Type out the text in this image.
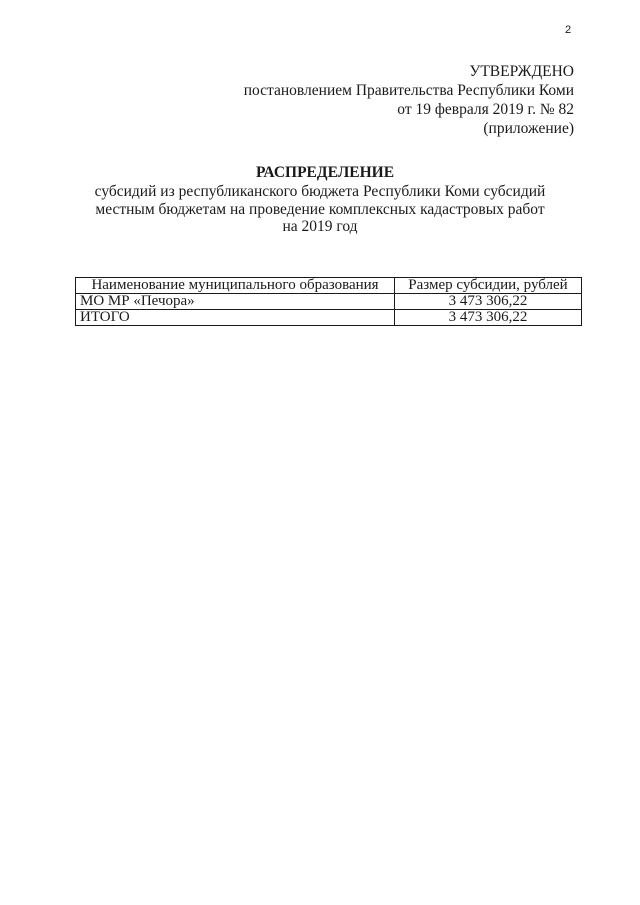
2
УТВЕРЖДЕНО
постановлением Правительства Республики Коми
от 19 февраля 2019 г. № 82
(приложение)
РАСПРЕДЕЛЕНИЕ
субсидий из республиканского бюджета Республики Коми субсидий
местным бюджетам на проведение комплексных кадастровых работ
на 2019 год
Наименование муниципального образования	Размер субсидии, рублей
МО МР «Печора»	3 473 306,22
ИТОГО	3 473 306,22
